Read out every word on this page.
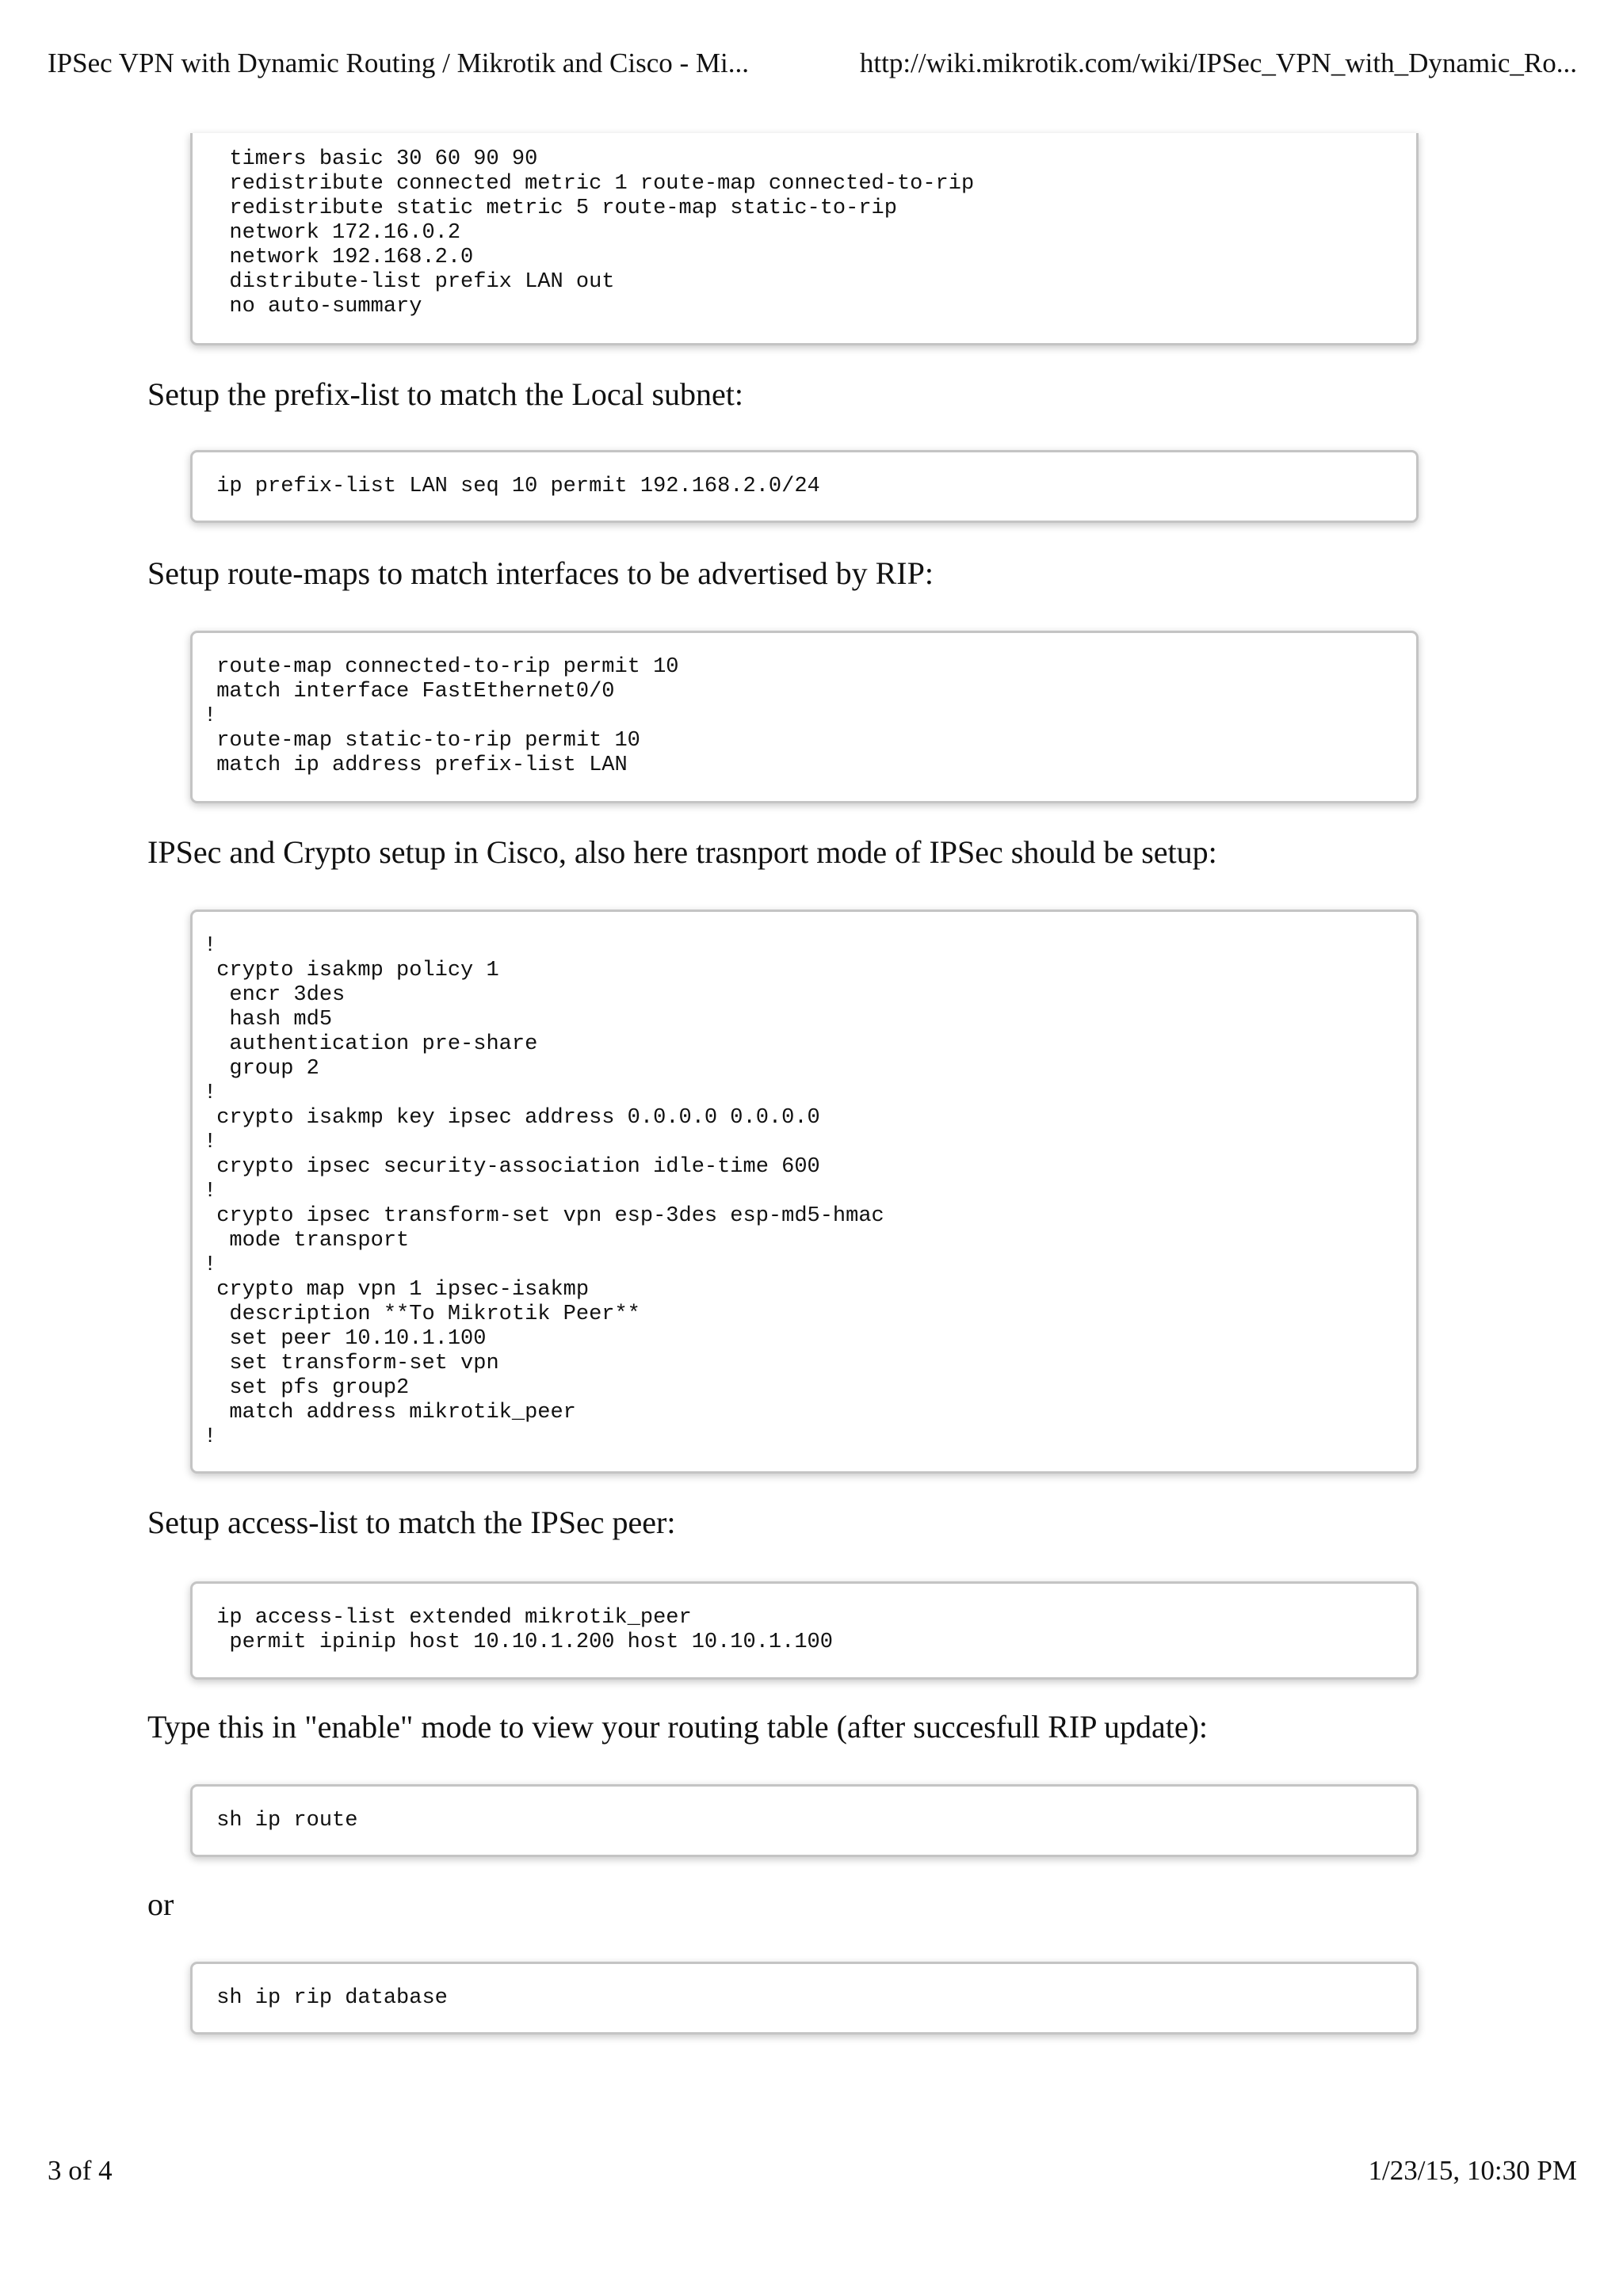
IPSec VPN with Dynamic Routing / Mikrotik and Cisco - Mi...	http://wiki.mikrotik.com/wiki/IPSec_VPN_with_Dynamic_Ro...
timers basic 30 60 90 90
redistribute connected metric 1 route-map connected-to-rip
redistribute static metric 5 route-map static-to-rip
network 172.16.0.2
network 192.168.2.0
distribute-list prefix LAN out
no auto-summary
Setup the prefix-list to match the Local subnet:
ip prefix-list LAN seq 10 permit 192.168.2.0/24
Setup route-maps to match interfaces to be advertised by RIP:
route-map connected-to-rip permit 10
match interface FastEthernet0/0
!
route-map static-to-rip permit 10
match ip address prefix-list LAN
IPSec and Crypto setup in Cisco, also here trasnport mode of IPSec should be setup:
!
crypto isakmp policy 1
encr 3des
hash md5
authentication pre-share
group 2
!
crypto isakmp key ipsec address 0.0.0.0 0.0.0.0
!
crypto ipsec security-association idle-time 600
!
crypto ipsec transform-set vpn esp-3des esp-md5-hmac
mode transport
!
crypto map vpn 1 ipsec-isakmp
description **To Mikrotik Peer**
set peer 10.10.1.100
set transform-set vpn
set pfs group2
match address mikrotik_peer
!
Setup access-list to match the IPSec peer:
ip access-list extended mikrotik_peer
permit ipinip host 10.10.1.200 host 10.10.1.100
Type this in "enable" mode to view your routing table (after succesfull RIP update):
sh ip route
or
sh ip rip database
3 of 4	1/23/15, 10:30 PM
